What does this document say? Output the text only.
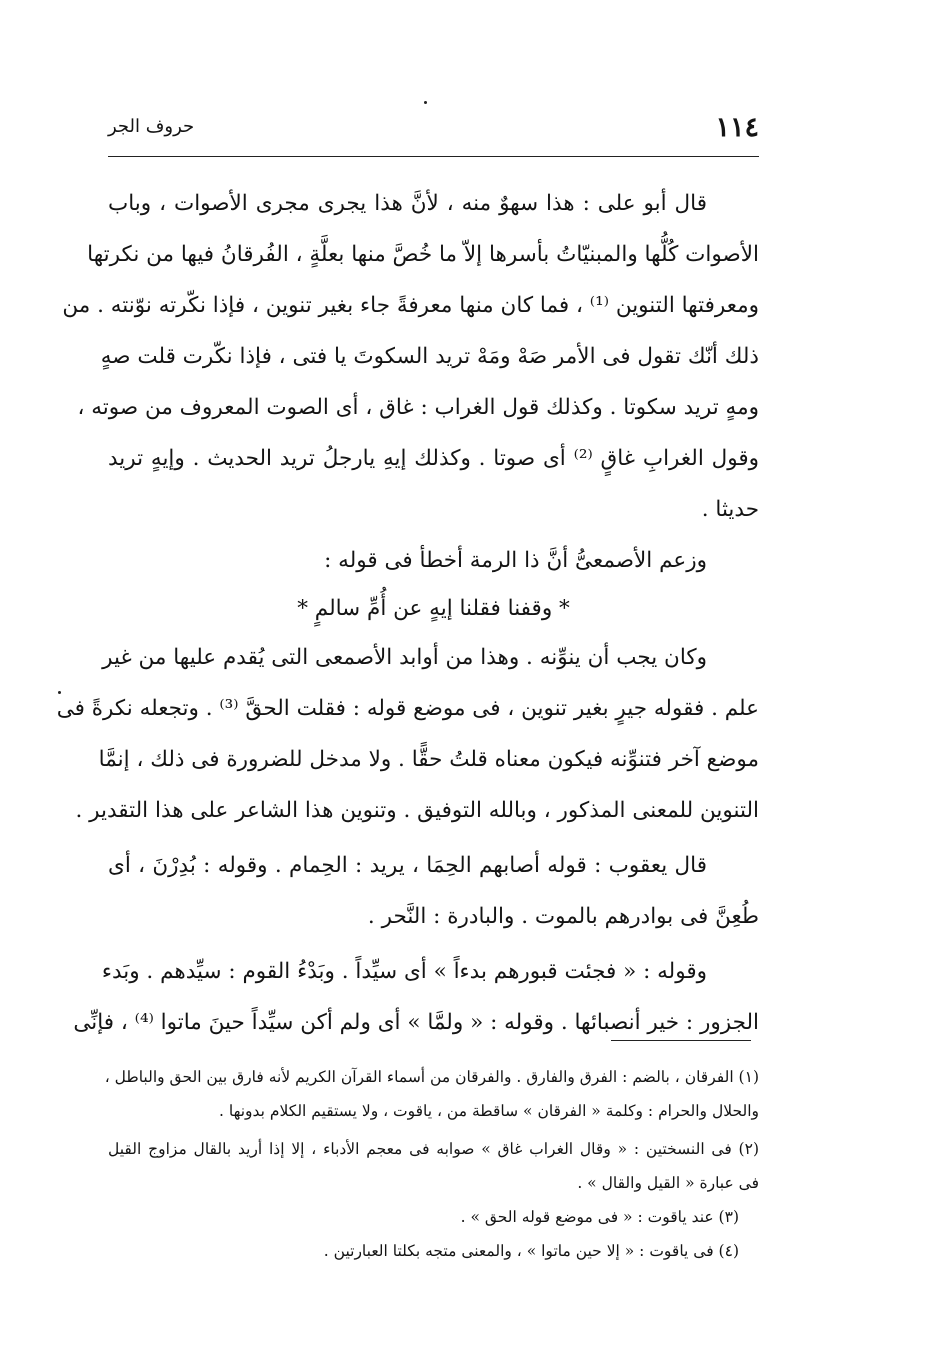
١١٤
حروف الجر
قال أبو على : هذا سهوٌ منه ، لأنَّ هذا يجرى مجرى الأصوات ، وباب
الأصوات كُلُّها والمبنيّاتُ بأسرها إلاّ ما خُصَّ منها بعلَّةٍ ، الفُرقانُ فيها من نكرتها
ومعرفتها التنوين ⁽¹⁾ ، فما كان منها معرفةً جاء بغير تنوين ، فإذا نكّرته نوّنته . من
ذلك أنّك تقول فى الأمر صَهْ ومَهْ تريد السكوتَ يا فتى ، فإذا نكّرت قلت صهٍ
ومهٍ تريد سكوتا . وكذلك قول الغراب : غاق ، أى الصوت المعروف من صوته ،
وقول الغرابِ غاقٍ ⁽²⁾ أى صوتا . وكذلك إيهِ يارجلُ تريد الحديث . وإيهٍ تريد
حديثا .
وزعم الأصمعىُّ أنَّ ذا الرمة أخطأ فى قوله :
* وقفنا فقلنا إيهٍ عن أُمِّ سالمٍ *
وكان يجب أن ينوِّنه . وهذا من أوابد الأصمعى التى يُقدم عليها من غير
علم . فقوله جيرٍ بغير تنوين ، فى موضع قوله : فقلت الحقَّ ⁽³⁾ . وتجعله نكرةً فى
موضع آخر فتنوِّنه فيكون معناه قلتُ حقًّا . ولا مدخل للضرورة فى ذلك ، إنمَّا
التنوين للمعنى المذكور ، وبالله التوفيق . وتنوين هذا الشاعر على هذا التقدير .
قال يعقوب : قوله أصابهم الحِمَا ، يريد : الحِمام . وقوله : بُدِرْنَ ، أى
طُعِنَّ فى بوادرهم بالموت . والبادرة : النَّحر .
وقوله : « فجئت قبورهم بدءاً » أى سيِّداً . وبَدْءُ القوم : سيِّدهم . وبَدء
الجزور : خير أنصبائها . وقوله : « ولمَّا » أى ولم أكن سيِّداً حينَ ماتوا ⁽⁴⁾ ، فإنِّى
(١) الفرقان ، بالضم : الفرق والفارق . والفرقان من أسماء القرآن الكريم لأنه فارق بين الحق والباطل ،
والحلال والحرام : وكلمة « الفرقان » ساقطة من ، ياقوت ، ولا يستقيم الكلام بدونها .
(٢) فى النسختين : « وقال الغراب غاق » صوابه فى معجم الأدباء ، إلا إذا أريد بالقال مزاوج القيل
فى عبارة « القيل والقال » .
(٣) عند ياقوت : « فى موضع قوله الحق » .
(٤) فى ياقوت : « إلا حين ماتوا » ، والمعنى متجه بكلتا العبارتين .
